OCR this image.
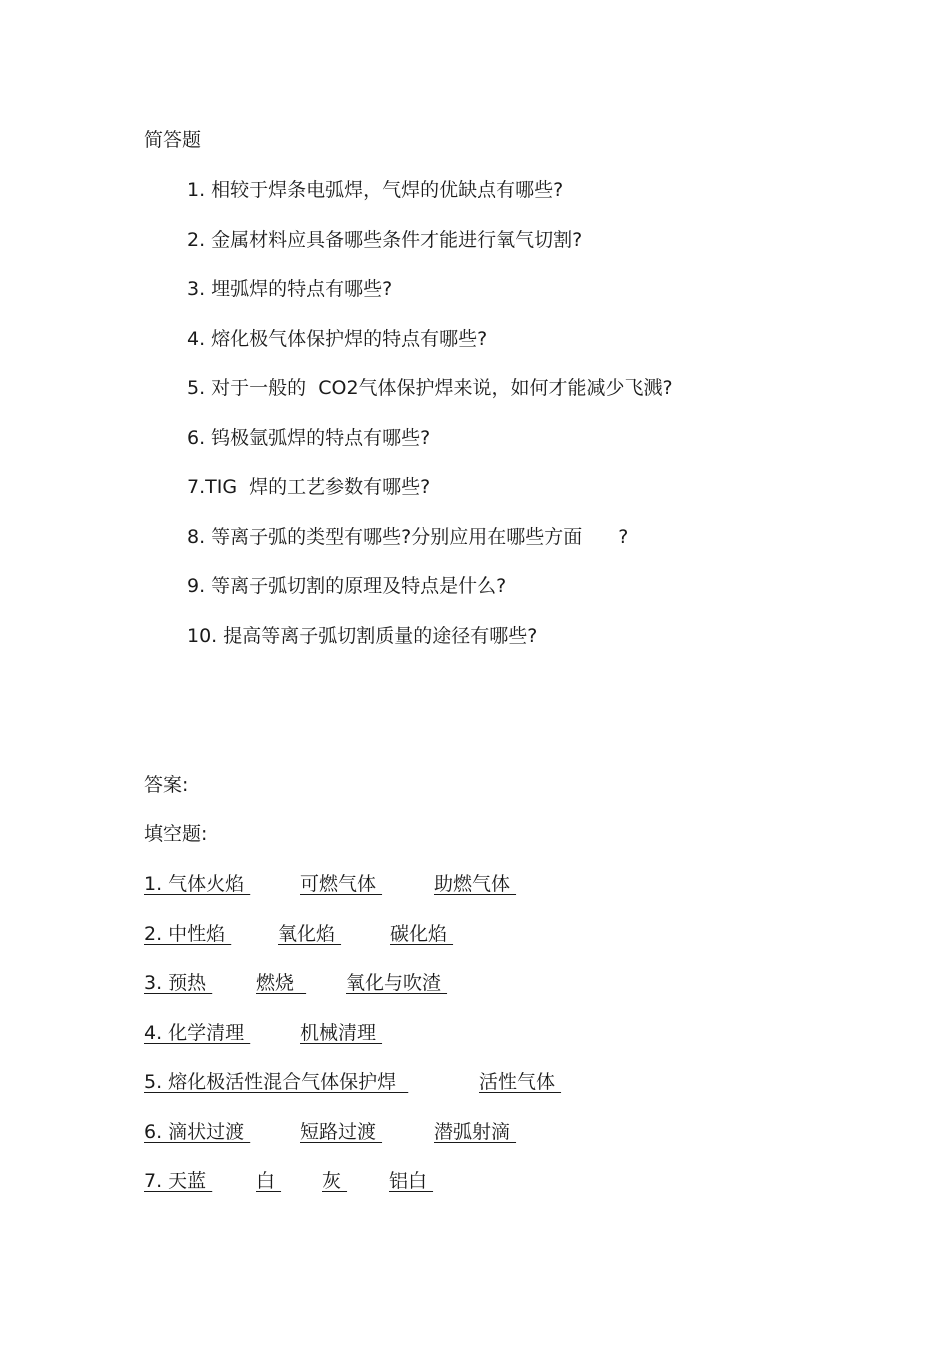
简答题
1. 相较于焊条电弧焊，气焊的优缺点有哪些?
2. 金属材料应具备哪些条件才能进行氧气切割?
3. 埋弧焊的特点有哪些?
4. 熔化极气体保护焊的特点有哪些?
5. 对于一般的  CO2气体保护焊来说，如何才能减少飞溅?
6. 钨极氩弧焊的特点有哪些?
7.TIG  焊的工艺参数有哪些?
8. 等离子弧的类型有哪些?分别应用在哪些方面 ?
9. 等离子弧切割的原理及特点是什么?
10. 提高等离子弧切割质量的途径有哪些?
答案:
填空题:
1. 气体火焰	可燃气体	助燃气体
2. 中性焰 氧化焰	碳化焰
3. 预热 燃烧 氧化与吹渣
4. 化学清理	机械清理
5. 熔化极活性混合气体保护焊	活性气体
6. 滴状过渡	短路过渡	潜弧射滴
7. 天蓝 白 灰 铝白
